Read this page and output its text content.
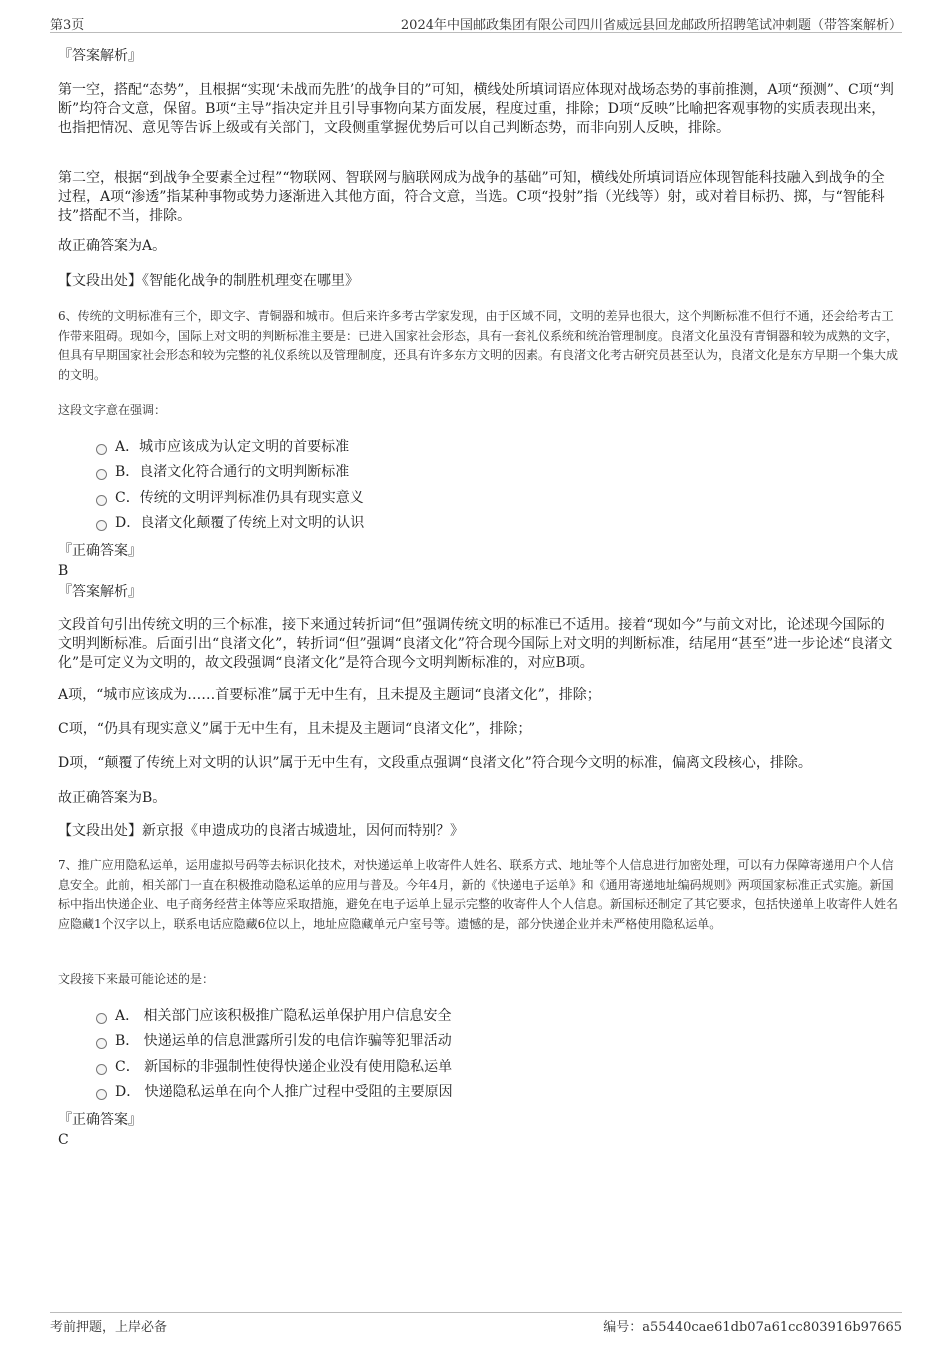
第3页	2024年中国邮政集团有限公司四川省威远县回龙邮政所招聘笔试冲刺题（带答案解析）
『答案解析』

第一空，搭配“态势”，且根据“实现‘未战而先胜’的战争目的”可知，横线处所填词语应体现对战场态势的事前推测，A项“预测”、C项“判断”均符合文意，保留。B项“主导”指决定并且引导事物向某方面发展，程度过重，排除；D项“反映”比喻把客观事物的实质表现出来，也指把情况、意见等告诉上级或有关部门，文段侧重掌握优势后可以自己判断态势，而非向别人反映，排除。

第二空，根据“到战争全要素全过程”“物联网、智联网与脑联网成为战争的基础”可知，横线处所填词语应体现智能科技融入到战争的全过程，A项“渗透”指某种事物或势力逐渐进入其他方面，符合文意，当选。C项“投射”指（光线等）射，或对着目标扔、掷，与“智能科技”搭配不当，排除。

故正确答案为A。
【文段出处】《智能化战争的制胜机理变在哪里》

6、传统的文明标准有三个，即文字、青铜器和城市。但后来许多考古学家发现，由于区域不同，文明的差异也很大，这个判断标准不但行不通，还会给考古工作带来阻碍。现如今，国际上对文明的判断标准主要是：已进入国家社会形态，具有一套礼仪系统和统治管理制度。良渚文化虽没有青铜器和较为成熟的文字，但具有早期国家社会形态和较为完整的礼仪系统以及管理制度，还具有许多东方文明的因素。有良渚文化考古研究员甚至认为，良渚文化是东方早期一个集大成的文明。

这段文字意在强调：
A．城市应该成为认定文明的首要标准
B．良渚文化符合通行的文明判断标准
C．传统的文明评判标准仍具有现实意义
D．良渚文化颠覆了传统上对文明的认识
『正确答案』
B
『答案解析』

文段首句引出传统文明的三个标准，接下来通过转折词“但”强调传统文明的标准已不适用。接着“现如今”与前文对比，论述现今国际的文明判断标准。后面引出“良渚文化”，转折词“但”强调“良渚文化”符合现今国际上对文明的判断标准，结尾用“甚至”进一步论述“良渚文化”是可定义为文明的，故文段强调“良渚文化”是符合现今文明判断标准的，对应B项。

A项，“城市应该成为……首要标准”属于无中生有，且未提及主题词“良渚文化”，排除；
C项，“仍具有现实意义”属于无中生有，且未提及主题词“良渚文化”，排除；
D项，“颠覆了传统上对文明的认识”属于无中生有，文段重点强调“良渚文化”符合现今文明的标准，偏离文段核心，排除。
故正确答案为B。
【文段出处】新京报《申遗成功的良渚古城遗址，因何而特别？》

7、推广应用隐私运单，运用虚拟号码等去标识化技术，对快递运单上收寄件人姓名、联系方式、地址等个人信息进行加密处理，可以有力保障寄递用户个人信息安全。此前，相关部门一直在积极推动隐私运单的应用与普及。今年4月，新的《快递电子运单》和《通用寄递地址编码规则》两项国家标准正式实施。新国标中指出快递企业、电子商务经营主体等应采取措施，避免在电子运单上显示完整的收寄件人个人信息。新国标还制定了其它要求，包括快递单上收寄件人姓名应隐藏1个汉字以上，联系电话应隐藏6位以上，地址应隐藏单元户室号等。遗憾的是，部分快递企业并未严格使用隐私运单。

文段接下来最可能论述的是：
A． 相关部门应该积极推广隐私运单保护用户信息安全
B． 快递运单的信息泄露所引发的电信诈骗等犯罪活动
C． 新国标的非强制性使得快递企业没有使用隐私运单
D． 快递隐私运单在向个人推广过程中受阻的主要原因
『正确答案』
C
考前押题，上岸必备	编号：a55440cae61db07a61cc803916b97665
